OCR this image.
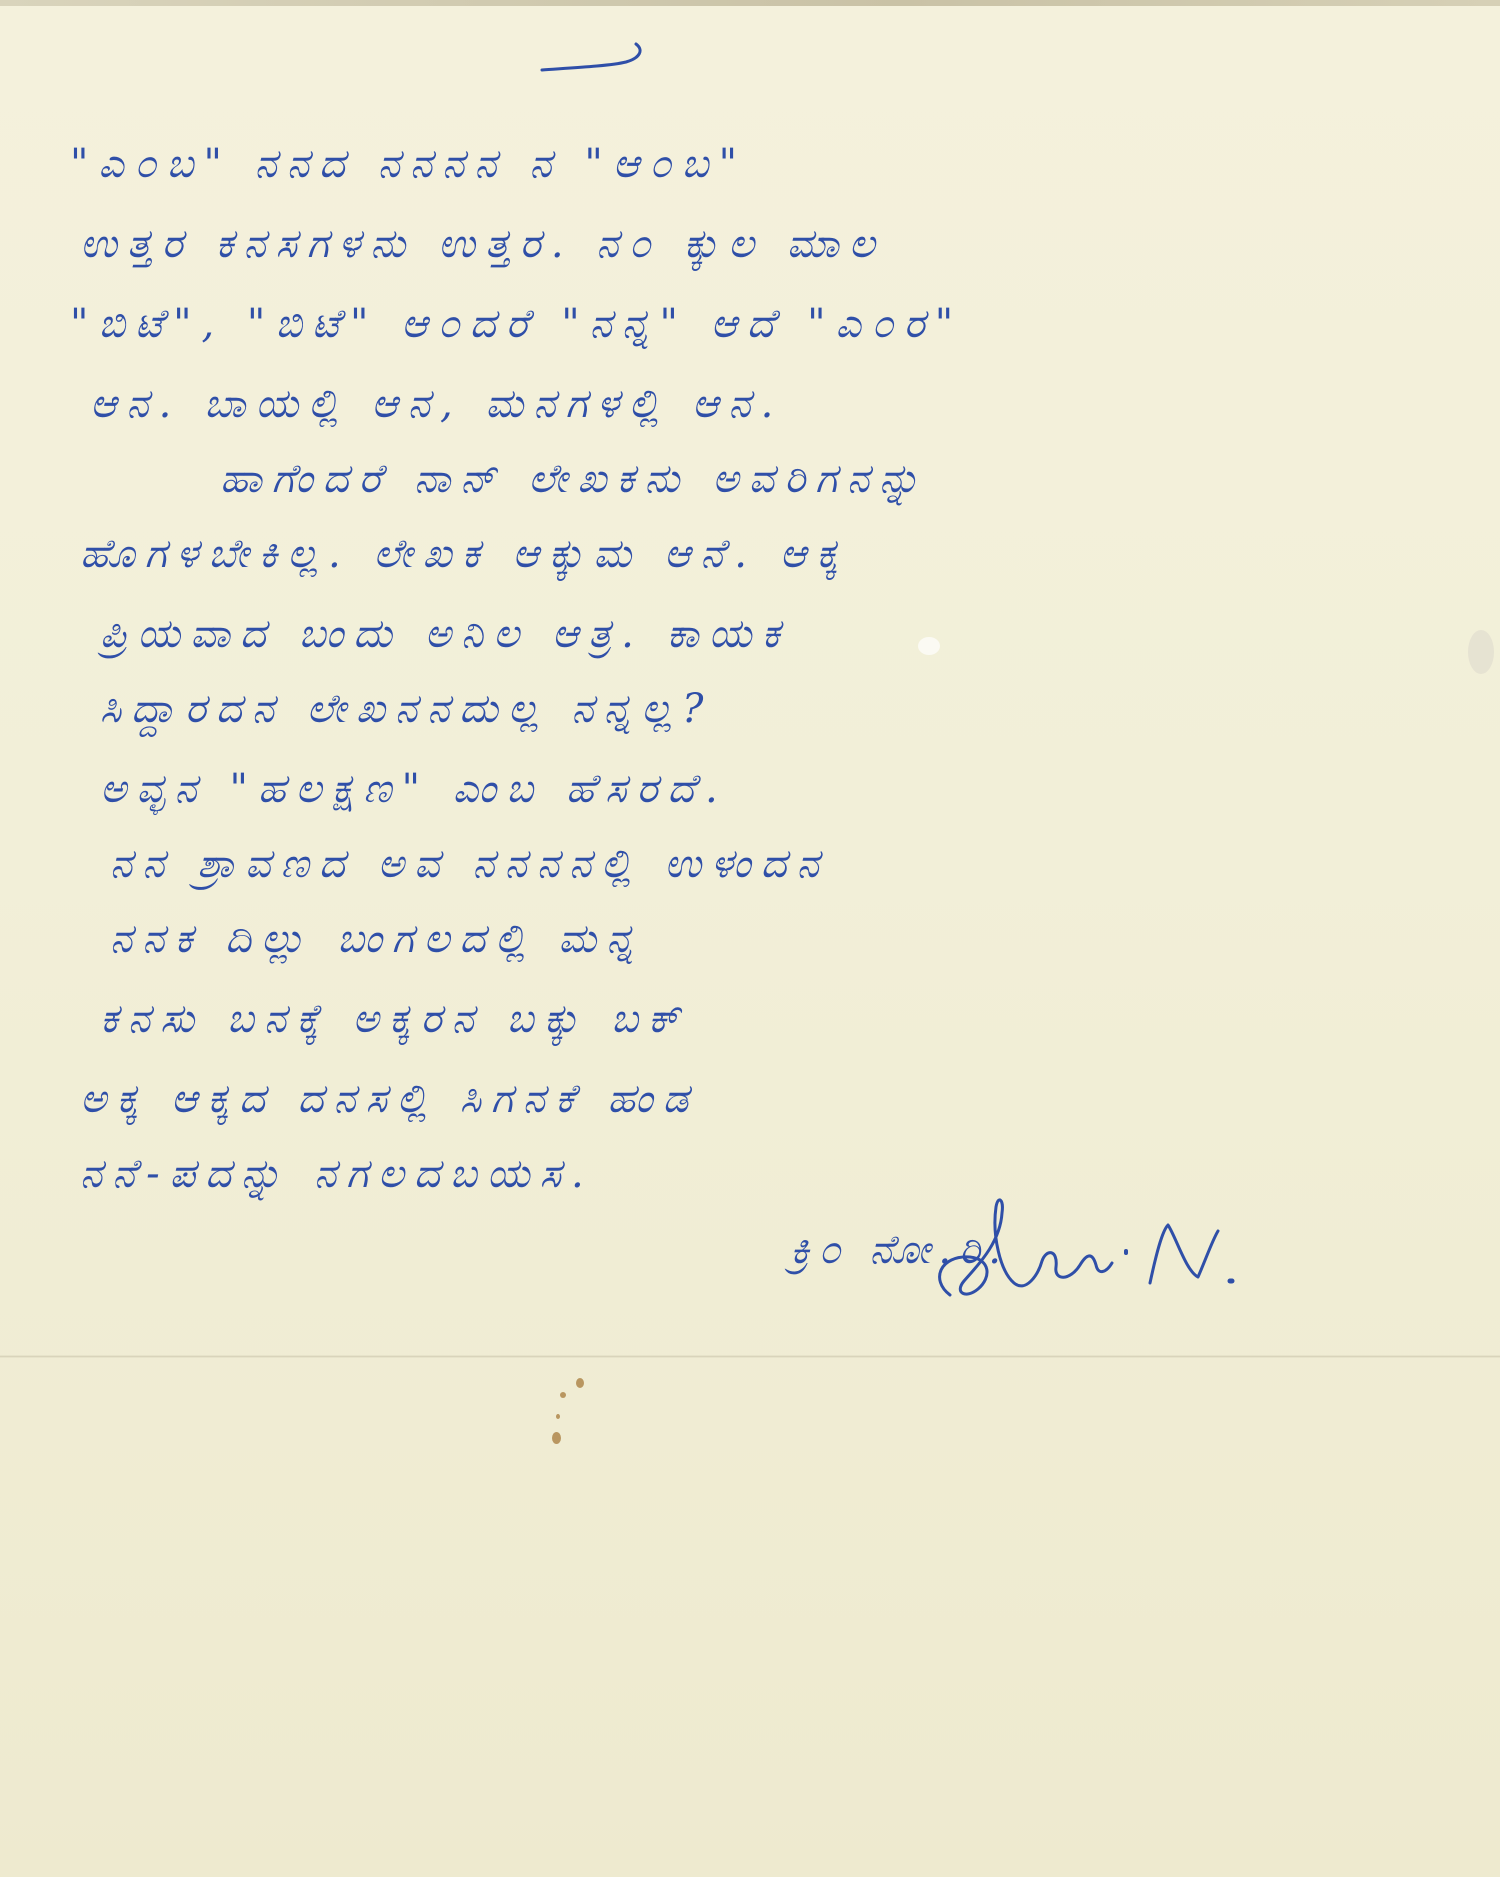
"ಎ೦ಬ" ನನದ ನನನನ ನ "ಆ೦ಬ"
ಉತ್ತರ ಕನಸಗಳನು ಉತ್ತರ. ನ೦ ಕ್ಕುಲ ಮಾಲ
"ಬಿಟೆ", "ಬಿಟೆ" ಆ೦ದರೆ "ನನ್ನ" ಆದೆ "ಎ೦ರ"
ಆನ. ಬಾಯಲ್ಲಿ ಆನ, ಮನಗಳಲ್ಲಿ ಆನ.
ಹಾಗೆಂದರೆ ನಾನ್ ಲೇಖಕನು ಅವರಿಗನನ್ನು
ಹೊಗಳಬೇಕಿಲ್ಲ. ಲೇಖಕ ಆಕ್ಕುಮ ಆನೆ. ಆಕ್ಕ
ಪ್ರಿಯವಾದ ಬಂದು ಅನಿಲ ಆತ್ರ. ಕಾಯಕ
ಸಿದ್ದಾರದನ ಲೇಖನನದುಲ್ಲ ನನ್ನಲ್ಲ?
ಅವ್ಳನ "ಹಲಕ್ಷಣ" ಎಂಬ ಹೆಸರದೆ.
ನನ ಶ್ರಾವಣದ ಅವ ನನನನಲ್ಲಿ ಉಳಂದನ
ನನಕ ದಿಲ್ಲು ಬಂಗಲದಲ್ಲಿ ಮನ್ನ
ಕನಸು ಬನಕ್ಕೆ ಅಕ್ಕರನ ಬಕ್ಕು ಬಕ್
ಅಕ್ಕ ಆಕ್ಕದ ದನಸಲ್ಲಿ ಸಿಗನಕೆ ಹಂಡ
ನನೆ-ಪದನ್ನು ನಗಲದಬಯಸ.
ಕ್ರಿ೦ ನೋ.ರಿ.
